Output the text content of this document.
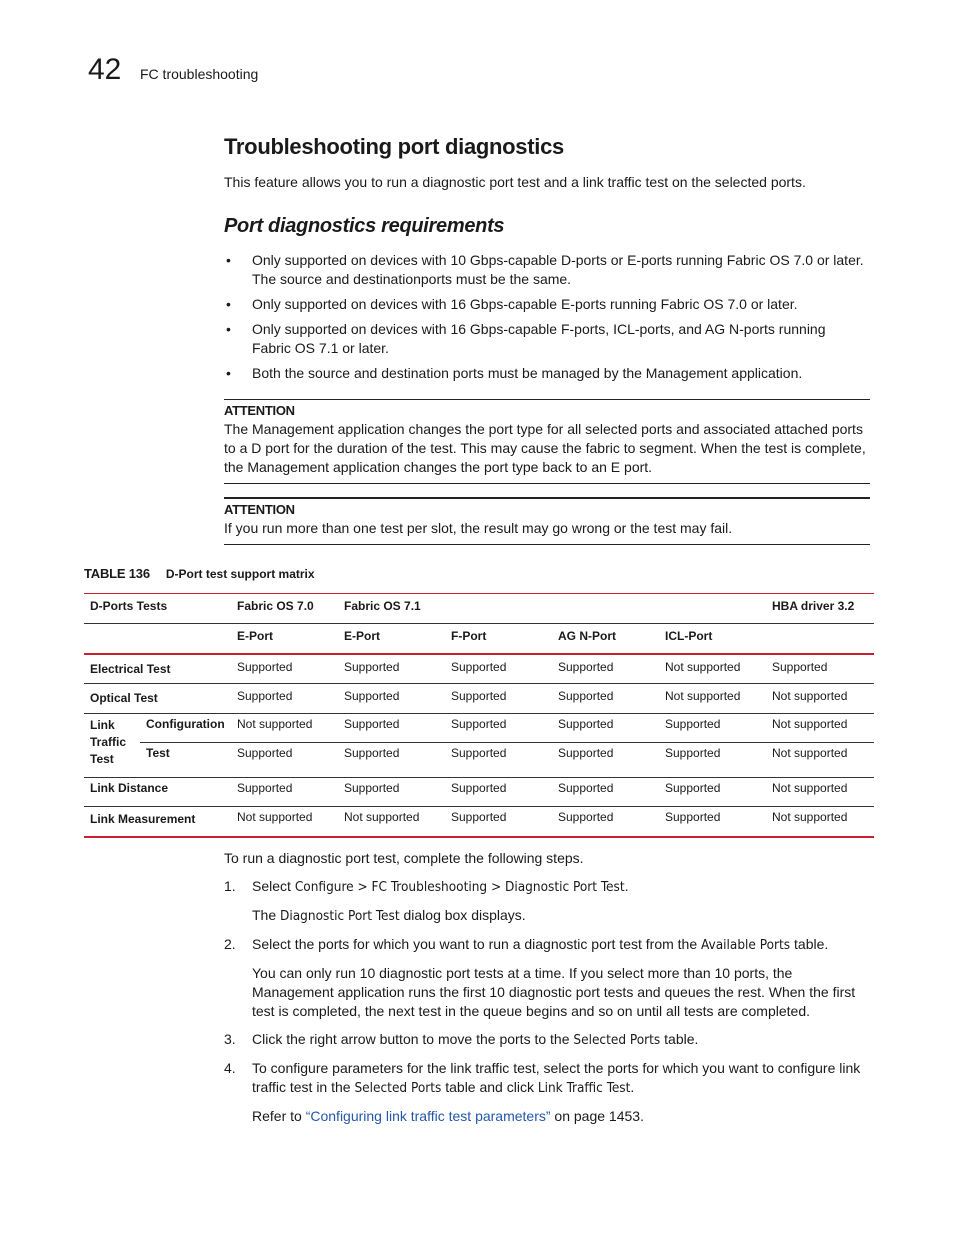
42 FC troubleshooting
Troubleshooting port diagnostics
This feature allows you to run a diagnostic port test and a link traffic test on the selected ports.
Port diagnostics requirements
• Only supported on devices with 10 Gbps-capable D-ports or E-ports running Fabric OS 7.0 or later. The source and destinationports must be the same.
• Only supported on devices with 16 Gbps-capable E-ports running Fabric OS 7.0 or later.
• Only supported on devices with 16 Gbps-capable F-ports, ICL-ports, and AG N-ports running Fabric OS 7.1 or later.
• Both the source and destination ports must be managed by the Management application.
ATTENTION
The Management application changes the port type for all selected ports and associated attached ports to a D port for the duration of the test. This may cause the fabric to segment. When the test is complete, the Management application changes the port type back to an E port.
ATTENTION
If you run more than one test per slot, the result may go wrong or the test may fail.
TABLE 136 D-Port test support matrix
D-Ports Tests		Fabric OS 7.0	Fabric OS 7.1				HBA driver 3.2
		E-Port	E-Port	F-Port	AG N-Port	ICL-Port	
Electrical Test		Supported	Supported	Supported	Supported	Not supported	Supported
Optical Test		Supported	Supported	Supported	Supported	Not supported	Not supported
Link Traffic Test	Configuration	Not supported	Supported	Supported	Supported	Supported	Not supported
	Test	Supported	Supported	Supported	Supported	Supported	Not supported
Link Distance		Supported	Supported	Supported	Supported	Supported	Not supported
Link Measurement		Not supported	Not supported	Supported	Supported	Supported	Not supported

To run a diagnostic port test, complete the following steps.

1.	Select Configure > FC Troubleshooting > Diagnostic Port Test.

The Diagnostic Port Test dialog box displays.

2.	Select the ports for which you want to run a diagnostic port test from the Available Ports table.

You can only run 10 diagnostic port tests at a time. If you select more than 10 ports, the Management application runs the first 10 diagnostic port tests and queues the rest. When the first test is completed, the next test in the queue begins and so on until all tests are completed.

3.	Click the right arrow button to move the ports to the Selected Ports table.

4.	To configure parameters for the link traffic test, select the ports for which you want to configure link traffic test in the Selected Ports table and click Link Traffic Test.

Refer to “Configuring link traffic test parameters” on page 1453.
